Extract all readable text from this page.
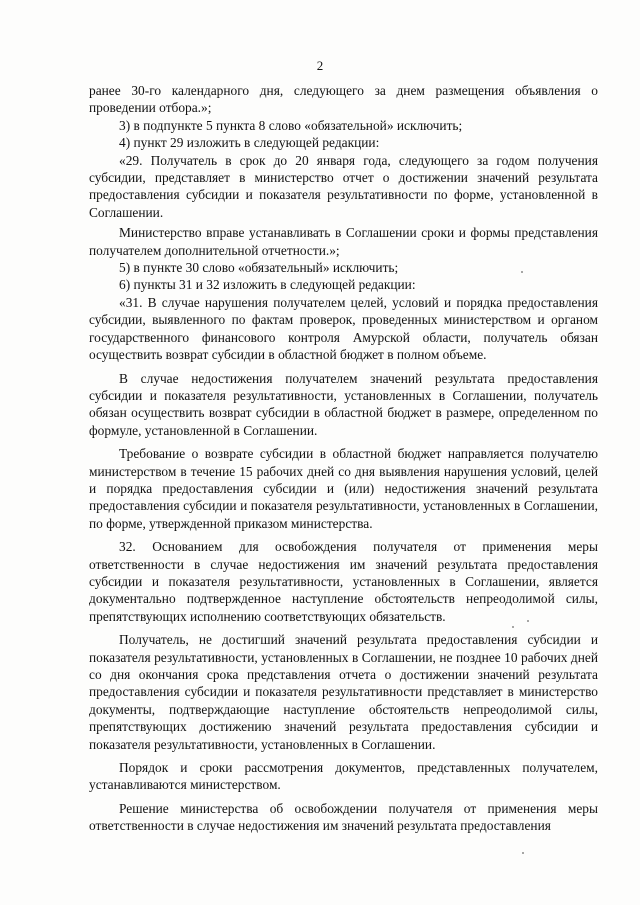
2

ранее 30-го календарного дня, следующего за днем размещения объявления о проведении отбора.»;

3) в подпункте 5 пункта 8 слово «обязательной» исключить;

4) пункт 29 изложить в следующей редакции:

«29. Получатель в срок до 20 января года, следующего за годом получения субсидии, представляет в министерство отчет о достижении значений результата предоставления субсидии и показателя результативности по форме, установленной в Соглашении.

Министерство вправе устанавливать в Соглашении сроки и формы представления получателем дополнительной отчетности.»;

5) в пункте 30 слово «обязательный» исключить;

6) пункты 31 и 32 изложить в следующей редакции:

«31. В случае нарушения получателем целей, условий и порядка предоставления субсидии, выявленного по фактам проверок, проведенных министерством и органом государственного финансового контроля Амурской области, получатель обязан осуществить возврат субсидии в областной бюджет в полном объеме.

В случае недостижения получателем значений результата предоставления субсидии и показателя результативности, установленных в Соглашении, получатель обязан осуществить возврат субсидии в областной бюджет в размере, определенном по формуле, установленной в Соглашении.

Требование о возврате субсидии в областной бюджет направляется получателю министерством в течение 15 рабочих дней со дня выявления нарушения условий, целей и порядка предоставления субсидии и (или) недостижения значений результата предоставления субсидии и показателя результативности, установленных в Соглашении, по форме, утвержденной приказом министерства.

32. Основанием для освобождения получателя от применения меры ответственности в случае недостижения им значений результата предоставления субсидии и показателя результативности, установленных в Соглашении, является документально подтвержденное наступление обстоятельств непреодолимой силы, препятствующих исполнению соответствующих обязательств.

Получатель, не достигший значений результата предоставления субсидии и показателя результативности, установленных в Соглашении, не позднее 10 рабочих дней со дня окончания срока представления отчета о достижении значений результата предоставления субсидии и показателя результативности представляет в министерство документы, подтверждающие наступление обстоятельств непреодолимой силы, препятствующих достижению значений результата предоставления субсидии и показателя результативности, установленных в Соглашении.

Порядок и сроки рассмотрения документов, представленных получателем, устанавливаются министерством.

Решение министерства об освобождении получателя от применения меры ответственности в случае недостижения им значений результата предоставления
